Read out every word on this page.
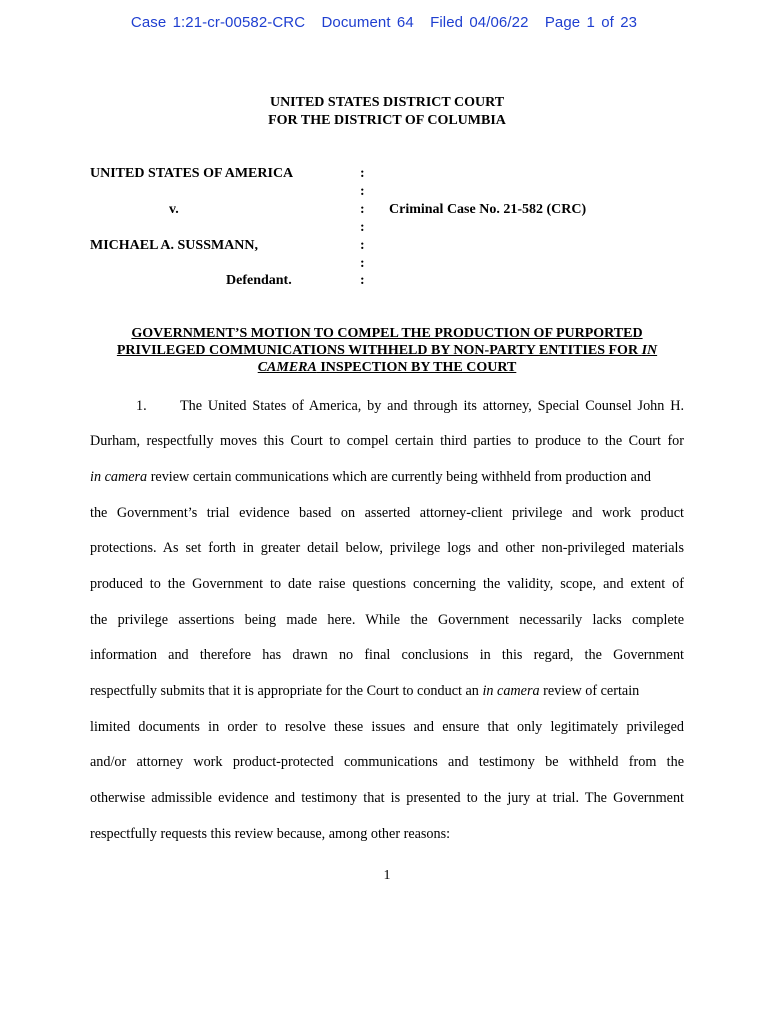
Case 1:21-cr-00582-CRC Document 64 Filed 04/06/22 Page 1 of 23
UNITED STATES DISTRICT COURT
FOR THE DISTRICT OF COLUMBIA
UNITED STATES OF AMERICA
v.
MICHAEL A. SUSSMANN,
Defendant.
:
:
:
:
:
:
:
Criminal Case No. 21-582 (CRC)
GOVERNMENT’S MOTION TO COMPEL THE PRODUCTION OF PURPORTED
PRIVILEGED COMMUNICATIONS WITHHELD BY NON-PARTY ENTITIES FOR IN
CAMERA INSPECTION BY THE COURT
1. The United States of America, by and through its attorney, Special Counsel John H.
Durham, respectfully moves this Court to compel certain third parties to produce to the Court for
in camera review certain communications which are currently being withheld from production and
the Government’s trial evidence based on asserted attorney-client privilege and work product
protections. As set forth in greater detail below, privilege logs and other non-privileged materials
produced to the Government to date raise questions concerning the validity, scope, and extent of
the privilege assertions being made here. While the Government necessarily lacks complete
information and therefore has drawn no final conclusions in this regard, the Government
respectfully submits that it is appropriate for the Court to conduct an in camera review of certain
limited documents in order to resolve these issues and ensure that only legitimately privileged
and/or attorney work product-protected communications and testimony be withheld from the
otherwise admissible evidence and testimony that is presented to the jury at trial. The Government
respectfully requests this review because, among other reasons:
1
